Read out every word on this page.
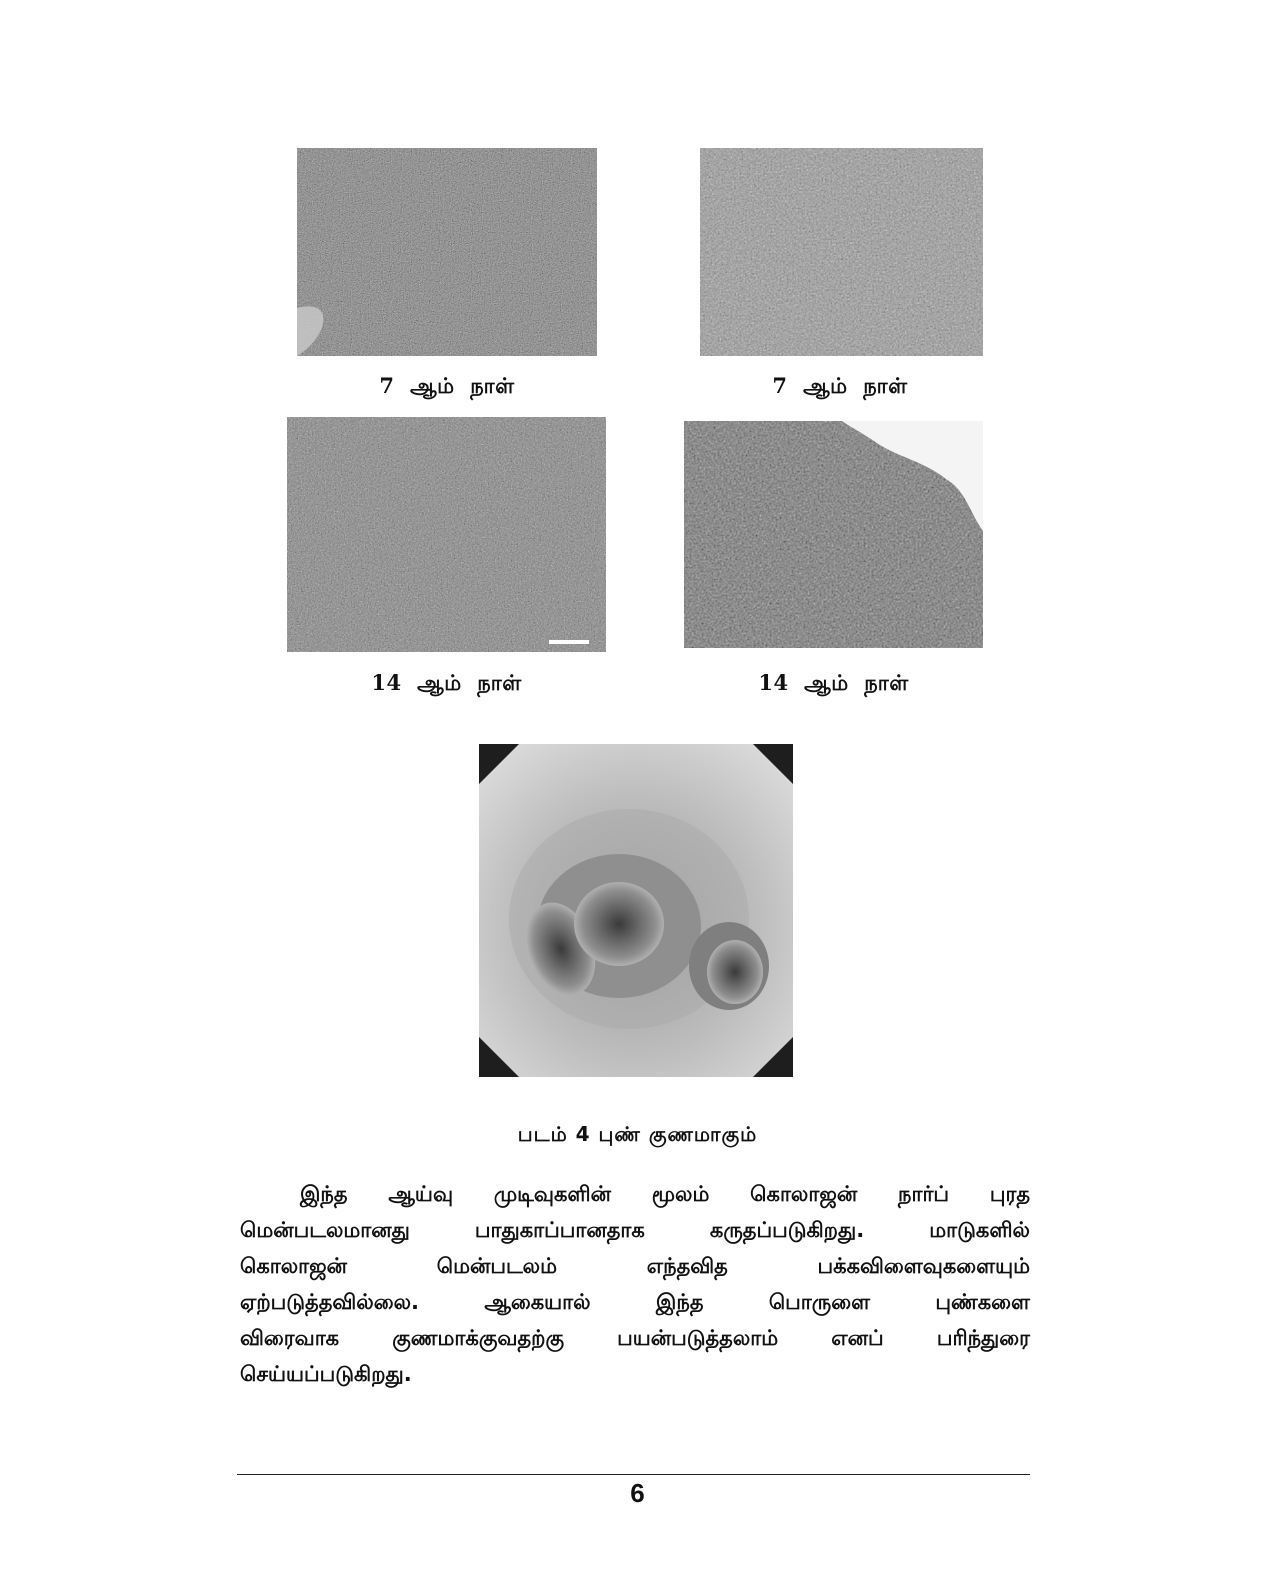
7  ஆம்  நாள்	7  ஆம்  நாள்
14  ஆம்  நாள்	14  ஆம்  நாள்
படம் 4 புண் குணமாகும்
இந்த ஆய்வு முடிவுகளின் மூலம் கொலாஜன் நார்ப் புரத
மென்படலமானது	பாதுகாப்பானதாக	கருதப்படுகிறது.	மாடுகளில்
கொலாஜன்	மென்படலம்	எந்தவித	பக்கவிளைவுகளையும்
ஏற்படுத்தவில்லை.	ஆகையால்	இந்த	பொருளை	புண்களை
விரைவாக	குணமாக்குவதற்கு	பயன்படுத்தலாம்	எனப்	பரிந்துரை
செய்யப்படுகிறது.
6
